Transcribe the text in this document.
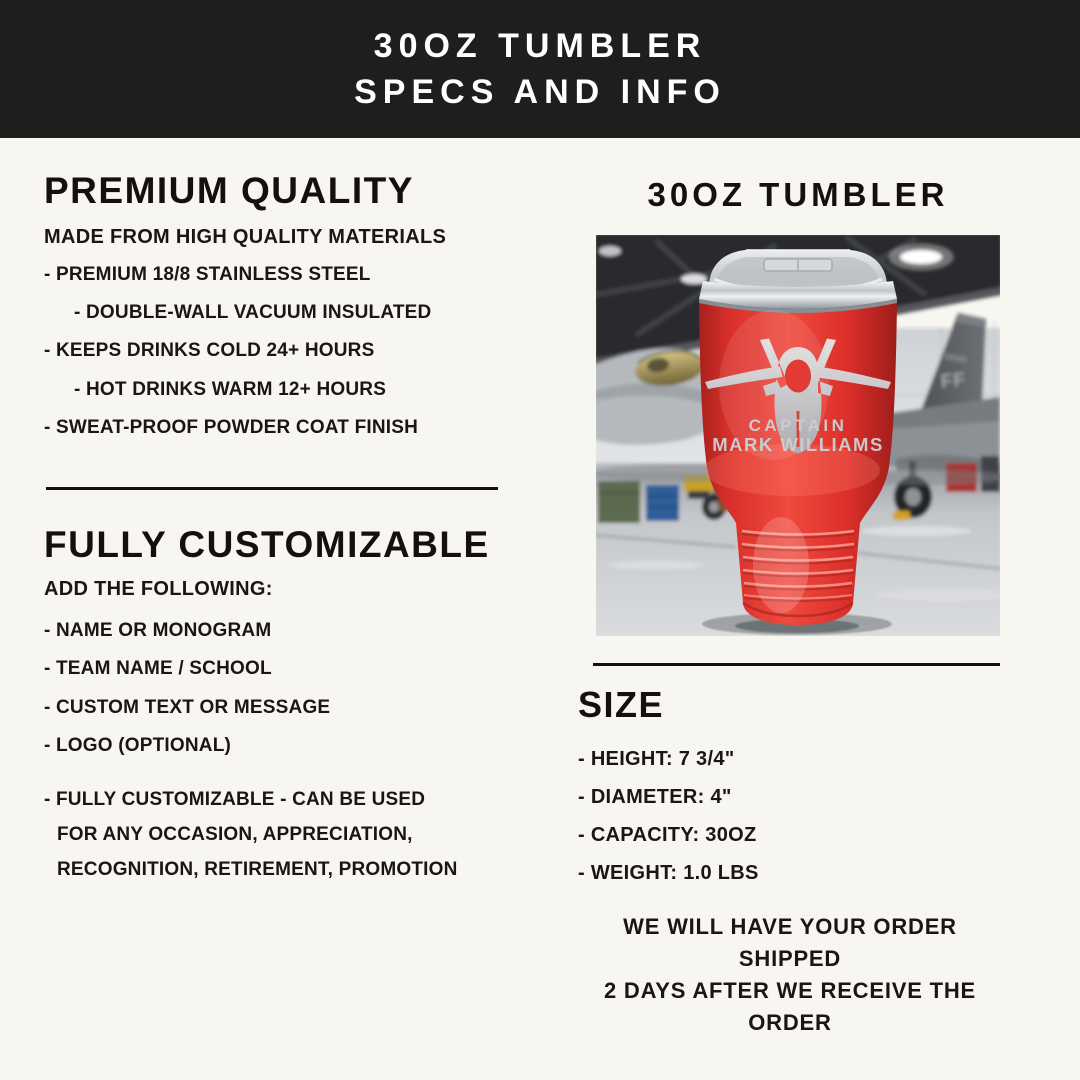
30OZ TUMBLER
SPECS AND INFO
PREMIUM QUALITY

MADE FROM HIGH QUALITY MATERIALS

- PREMIUM 18/8 STAINLESS STEEL

- DOUBLE-WALL VACUUM INSULATED

- KEEPS DRINKS COLD 24+ HOURS

- HOT DRINKS WARM 12+ HOURS

- SWEAT-PROOF POWDER COAT FINISH

FULLY CUSTOMIZABLE

ADD THE FOLLOWING:

- NAME OR MONOGRAM

- TEAM NAME / SCHOOL

- CUSTOM TEXT OR MESSAGE

- LOGO (OPTIONAL)

- FULLY CUSTOMIZABLE - CAN BE USED
FOR ANY OCCASION, APPRECIATION,
RECOGNITION, RETIREMENT, PROMOTION
30OZ TUMBLER
FF
CAPTAIN
MARK WILLIAMS
SIZE

- HEIGHT: 7 3/4"

- DIAMETER: 4"

- CAPACITY: 30OZ

- WEIGHT: 1.0 LBS

WE WILL HAVE YOUR ORDER
SHIPPED
2 DAYS AFTER WE RECEIVE THE
ORDER
